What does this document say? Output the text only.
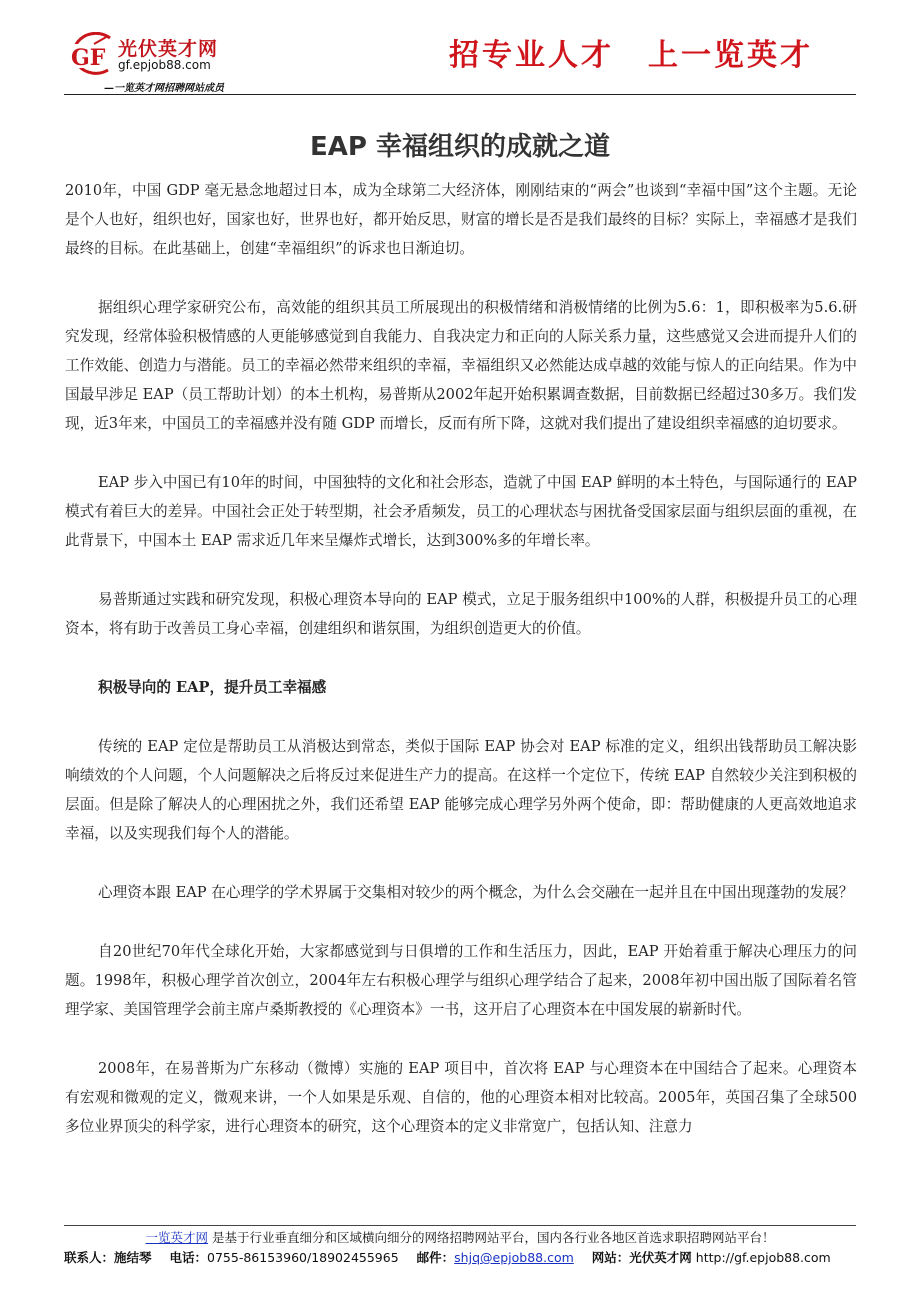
GF 光伏英才网
gf.epjob88.com
—一览英才网招聘网站成员
招专业人才 上一览英才
EAP 幸福组织的成就之道

2010年，中国 GDP 毫无悬念地超过日本，成为全球第二大经济体，刚刚结束的“两会”也谈到“幸福中国”这个主题。无论是个人也好，组织也好，国家也好，世界也好，都开始反思，财富的增长是否是我们最终的目标？实际上，幸福感才是我们最终的目标。在此基础上，创建“幸福组织”的诉求也日渐迫切。

据组织心理学家研究公布，高效能的组织其员工所展现出的积极情绪和消极情绪的比例为5.6：1，即积极率为5.6.研究发现，经常体验积极情感的人更能够感觉到自我能力、自我决定力和正向的人际关系力量，这些感觉又会进而提升人们的工作效能、创造力与潜能。员工的幸福必然带来组织的幸福，幸福组织又必然能达成卓越的效能与惊人的正向结果。作为中国最早涉足 EAP（员工帮助计划）的本土机构，易普斯从2002年起开始积累调查数据，目前数据已经超过30多万。我们发现，近3年来，中国员工的幸福感并没有随 GDP 而增长，反而有所下降，这就对我们提出了建设组织幸福感的迫切要求。

EAP 步入中国已有10年的时间，中国独特的文化和社会形态，造就了中国 EAP 鲜明的本土特色，与国际通行的 EAP 模式有着巨大的差异。中国社会正处于转型期，社会矛盾频发，员工的心理状态与困扰备受国家层面与组织层面的重视，在此背景下，中国本土 EAP 需求近几年来呈爆炸式增长，达到300%多的年增长率。

易普斯通过实践和研究发现，积极心理资本导向的 EAP 模式，立足于服务组织中100%的人群，积极提升员工的心理资本，将有助于改善员工身心幸福，创建组织和谐氛围，为组织创造更大的价值。

积极导向的 EAP，提升员工幸福感

传统的 EAP 定位是帮助员工从消极达到常态，类似于国际 EAP 协会对 EAP 标准的定义，组织出钱帮助员工解决影响绩效的个人问题，个人问题解决之后将反过来促进生产力的提高。在这样一个定位下，传统 EAP 自然较少关注到积极的层面。但是除了解决人的心理困扰之外，我们还希望 EAP 能够完成心理学另外两个使命，即：帮助健康的人更高效地追求幸福，以及实现我们每个人的潜能。

心理资本跟 EAP 在心理学的学术界属于交集相对较少的两个概念，为什么会交融在一起并且在中国出现蓬勃的发展？

自20世纪70年代全球化开始，大家都感觉到与日俱增的工作和生活压力，因此，EAP 开始着重于解决心理压力的问题。1998年，积极心理学首次创立，2004年左右积极心理学与组织心理学结合了起来，2008年初中国出版了国际着名管理学家、美国管理学会前主席卢桑斯教授的《心理资本》一书，这开启了心理资本在中国发展的崭新时代。

2008年，在易普斯为广东移动（微博）实施的 EAP 项目中，首次将 EAP 与心理资本在中国结合了起来。心理资本有宏观和微观的定义，微观来讲，一个人如果是乐观、自信的，他的心理资本相对比较高。2005年，英国召集了全球500多位业界顶尖的科学家，进行心理资本的研究，这个心理资本的定义非常宽广，包括认知、注意力

一览英才网 是基于行业垂直细分和区域横向细分的网络招聘网站平台，国内各行业各地区首选求职招聘网站平台！
联系人：施结琴 电话：0755-86153960/18902455965 邮件：shjq@epjob88.com 网站：光伏英才网 http://gf.epjob88.com
